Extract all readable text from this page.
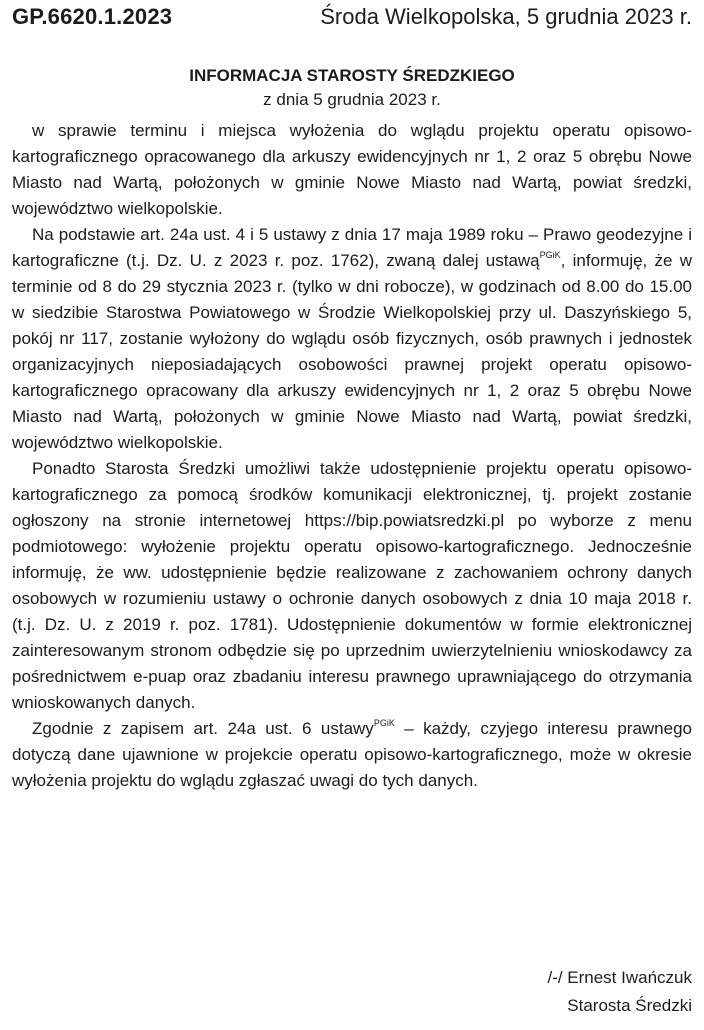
GP.6620.1.2023	Środa Wielkopolska, 5 grudnia 2023 r.
INFORMACJA STAROSTY ŚREDZKIEGO
z dnia 5 grudnia 2023 r.

w sprawie terminu i miejsca wyłożenia do wglądu projektu operatu opisowo-kartograficznego opracowanego dla arkuszy ewidencyjnych nr 1, 2 oraz 5 obrębu Nowe Miasto nad Wartą, położonych w gminie Nowe Miasto nad Wartą, powiat średzki, województwo wielkopolskie.

Na podstawie art. 24a ust. 4 i 5 ustawy z dnia 17 maja 1989 roku – Prawo geodezyjne i kartograficzne (t.j. Dz. U. z 2023 r. poz. 1762), zwaną dalej ustawą$^{PGiK}$, informuję, że w terminie od 8 do 29 stycznia 2023 r. (tylko w dni robocze), w godzinach od 8.00 do 15.00 w siedzibie Starostwa Powiatowego w Środzie Wielkopolskiej przy ul. Daszyńskiego 5, pokój nr 117, zostanie wyłożony do wglądu osób fizycznych, osób prawnych i jednostek organizacyjnych nieposiadających osobowości prawnej projekt operatu opisowo-kartograficznego opracowany dla arkuszy ewidencyjnych nr 1, 2 oraz 5 obrębu Nowe Miasto nad Wartą, położonych w gminie Nowe Miasto nad Wartą, powiat średzki, województwo wielkopolskie.

Ponadto Starosta Średzki umożliwi także udostępnienie projektu operatu opisowo-kartograficznego za pomocą środków komunikacji elektronicznej, tj. projekt zostanie ogłoszony na stronie internetowej https://bip.powiatsredzki.pl po wyborze z menu podmiotowego: wyłożenie projektu operatu opisowo-kartograficznego. Jednocześnie informuję, że ww. udostępnienie będzie realizowane z zachowaniem ochrony danych osobowych w rozumieniu ustawy o ochronie danych osobowych z dnia 10 maja 2018 r. (t.j. Dz. U. z 2019 r. poz. 1781). Udostępnienie dokumentów w formie elektronicznej zainteresowanym stronom odbędzie się po uprzednim uwierzytelnieniu wnioskodawcy za pośrednictwem e-puap oraz zbadaniu interesu prawnego uprawniającego do otrzymania wnioskowanych danych.

Zgodnie z zapisem art. 24a ust. 6 ustawy$^{PGiK}$ – każdy, czyjego interesu prawnego dotyczą dane ujawnione w projekcie operatu opisowo-kartograficznego, może w okresie wyłożenia projektu do wglądu zgłaszać uwagi do tych danych.

/-/ Ernest Iwańczuk
Starosta Średzki
